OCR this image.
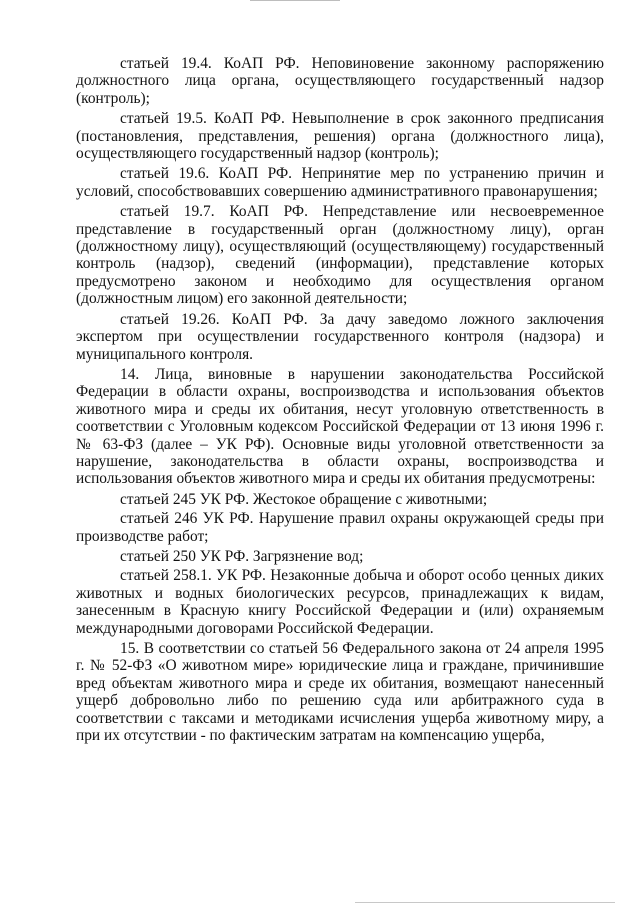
статьей 19.4. КоАП РФ. Неповиновение законному распоряжению должностного лица органа, осуществляющего государственный надзор (контроль);

статьей 19.5. КоАП РФ. Невыполнение в срок законного предписания (постановления, представления, решения) органа (должностного лица), осуществляющего государственный надзор (контроль);

статьей 19.6. КоАП РФ. Непринятие мер по устранению причин и условий, способствовавших совершению административного правонарушения;

статьей 19.7. КоАП РФ. Непредставление или несвоевременное представление в государственный орган (должностному лицу), орган (должностному лицу), осуществляющий (осуществляющему) государственный контроль (надзор), сведений (информации), представление которых предусмотрено законом и необходимо для осуществления органом (должностным лицом) его законной деятельности;

статьей 19.26. КоАП РФ. За дачу заведомо ложного заключения экспертом при осуществлении государственного контроля (надзора) и муниципального контроля.

14. Лица, виновные в нарушении законодательства Российской Федерации в области охраны, воспроизводства и использования объектов животного мира и среды их обитания, несут уголовную ответственность в соответствии с Уголовным кодексом Российской Федерации от 13 июня 1996 г. № 63-ФЗ (далее – УК РФ). Основные виды уголовной ответственности за нарушение, законодательства в области охраны, воспроизводства и использования объектов животного мира и среды их обитания предусмотрены:

статьей 245 УК РФ. Жестокое обращение с животными;

статьей 246 УК РФ. Нарушение правил охраны окружающей среды при производстве работ;

статьей 250 УК РФ. Загрязнение вод;

статьей 258.1. УК РФ. Незаконные добыча и оборот особо ценных диких животных и водных биологических ресурсов, принадлежащих к видам, занесенным в Красную книгу Российской Федерации и (или) охраняемым международными договорами Российской Федерации.

15. В соответствии со статьей 56 Федерального закона от 24 апреля 1995 г. № 52-ФЗ «О животном мире» юридические лица и граждане, причинившие вред объектам животного мира и среде их обитания, возмещают нанесенный ущерб добровольно либо по решению суда или арбитражного суда в соответствии с таксами и методиками исчисления ущерба животному миру, а при их отсутствии - по фактическим затратам на компенсацию ущерба,
